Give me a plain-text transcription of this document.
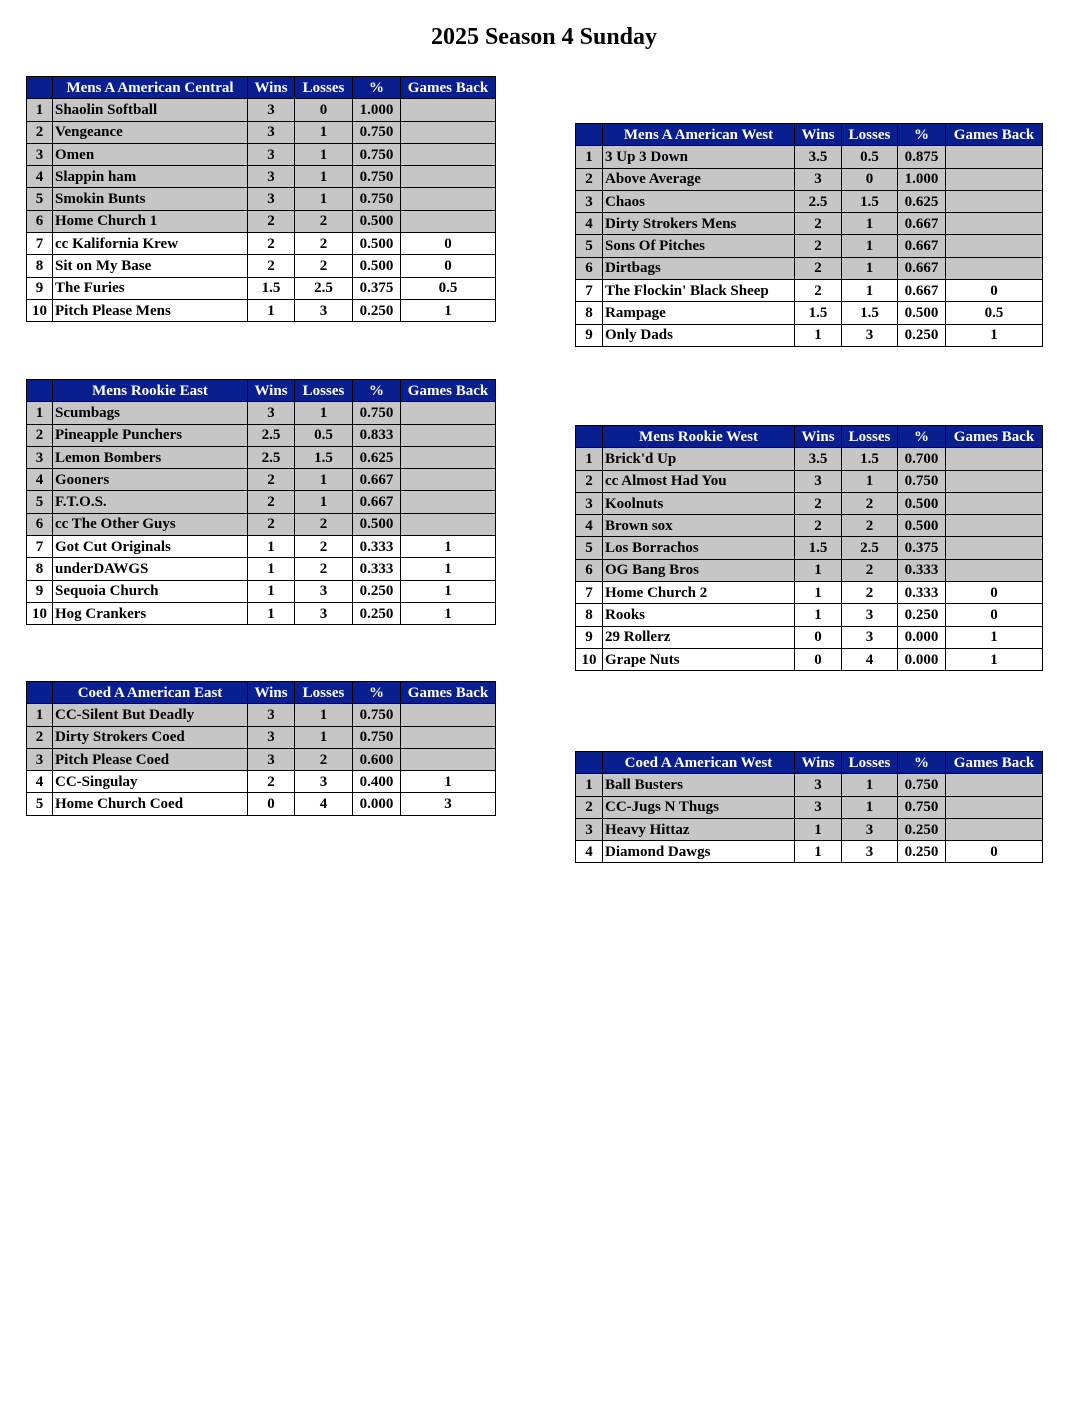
2025 Season 4 Sunday
	Mens A American Central	Wins	Losses	%	Games Back
1	Shaolin Softball	3	0	1.000	
2	Vengeance	3	1	0.750	
3	Omen	3	1	0.750	
4	Slappin ham	3	1	0.750	
5	Smokin Bunts	3	1	0.750	
6	Home Church 1	2	2	0.500	
7	cc Kalifornia Krew	2	2	0.500	0
8	Sit on My Base	2	2	0.500	0
9	The Furies	1.5	2.5	0.375	0.5
10	Pitch Please Mens	1	3	0.250	1
	Mens A American West	Wins	Losses	%	Games Back
1	3 Up 3 Down	3.5	0.5	0.875	
2	Above Average	3	0	1.000	
3	Chaos	2.5	1.5	0.625	
4	Dirty Strokers Mens	2	1	0.667	
5	Sons Of Pitches	2	1	0.667	
6	Dirtbags	2	1	0.667	
7	The Flockin' Black Sheep	2	1	0.667	0
8	Rampage	1.5	1.5	0.500	0.5
9	Only Dads	1	3	0.250	1
	Mens Rookie East	Wins	Losses	%	Games Back
1	Scumbags	3	1	0.750	
2	Pineapple Punchers	2.5	0.5	0.833	
3	Lemon Bombers	2.5	1.5	0.625	
4	Gooners	2	1	0.667	
5	F.T.O.S.	2	1	0.667	
6	cc The Other Guys	2	2	0.500	
7	Got Cut Originals	1	2	0.333	1
8	underDAWGS	1	2	0.333	1
9	Sequoia Church	1	3	0.250	1
10	Hog Crankers	1	3	0.250	1
	Mens Rookie West	Wins	Losses	%	Games Back
1	Brick'd Up	3.5	1.5	0.700	
2	cc Almost Had You	3	1	0.750	
3	Koolnuts	2	2	0.500	
4	Brown sox	2	2	0.500	
5	Los Borrachos	1.5	2.5	0.375	
6	OG Bang Bros	1	2	0.333	
7	Home Church 2	1	2	0.333	0
8	Rooks	1	3	0.250	0
9	29 Rollerz	0	3	0.000	1
10	Grape Nuts	0	4	0.000	1
	Coed A American East	Wins	Losses	%	Games Back
1	CC-Silent But Deadly	3	1	0.750	
2	Dirty Strokers Coed	3	1	0.750	
3	Pitch Please Coed	3	2	0.600	
4	CC-Singulay	2	3	0.400	1
5	Home Church Coed	0	4	0.000	3
	Coed A American West	Wins	Losses	%	Games Back
1	Ball Busters	3	1	0.750	
2	CC-Jugs N Thugs	3	1	0.750	
3	Heavy Hittaz	1	3	0.250	
4	Diamond Dawgs	1	3	0.250	0
